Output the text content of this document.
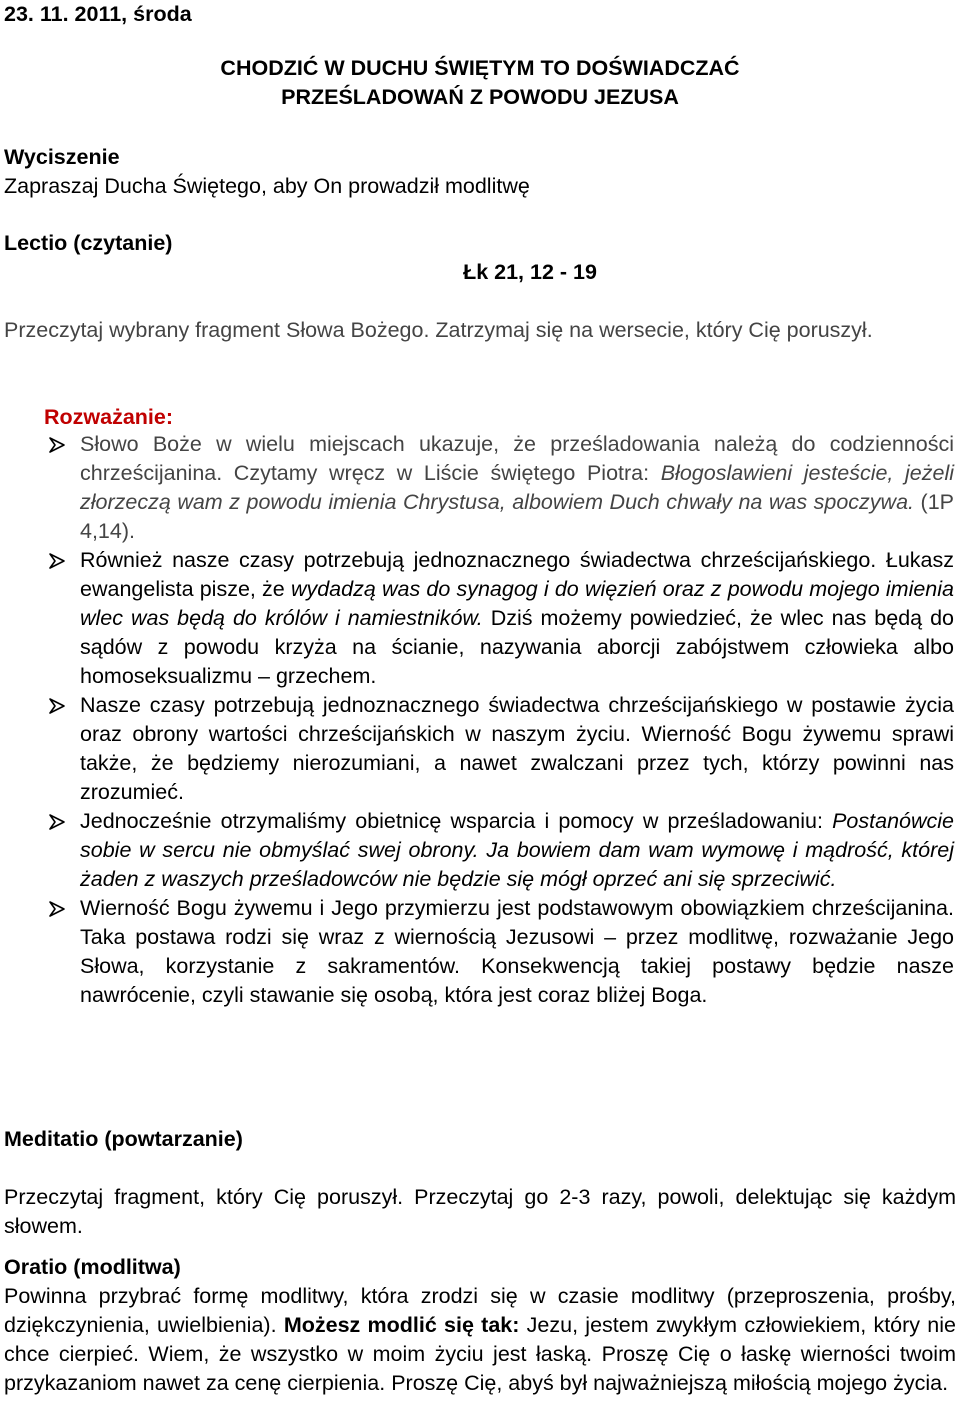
23. 11. 2011, środa
CHODZIĆ W DUCHU ŚWIĘTYM TO DOŚWIADCZAĆ
PRZEŚLADOWAŃ Z POWODU JEZUSA
Wyciszenie
Zapraszaj Ducha Świętego, aby On prowadził modlitwę
Lectio (czytanie)
Łk 21, 12 - 19
Przeczytaj wybrany fragment Słowa Bożego. Zatrzymaj się na wersecie, który Cię poruszył.
Rozważanie:
Słowo Boże w wielu miejscach ukazuje, że prześladowania należą do codzienności chrześcijanina. Czytamy wręcz w Liście świętego Piotra: Błogoslawieni jesteście, jeżeli złorzeczą wam z powodu imienia Chrystusa, albowiem Duch chwały na was spoczywa. (1P 4,14).
Również nasze czasy potrzebują jednoznacznego świadectwa chrześcijańskiego. Łukasz ewangelista pisze, że wydadzą was do synagog i do więzień oraz z powodu mojego imienia wlec was będą do królów i namiestników. Dziś możemy powiedzieć, że wlec nas będą do sądów z powodu krzyża na ścianie, nazywania aborcji zabójstwem człowieka albo homoseksualizmu – grzechem.
Nasze czasy potrzebują jednoznacznego świadectwa chrześcijańskiego w postawie życia oraz obrony wartości chrześcijańskich w naszym życiu. Wierność Bogu żywemu sprawi także, że będziemy nierozumiani, a nawet zwalczani przez tych, którzy powinni nas zrozumieć.
Jednocześnie otrzymaliśmy obietnicę wsparcia i pomocy w prześladowaniu: Postanówcie sobie w sercu nie obmyślać swej obrony. Ja bowiem dam wam wymowę i mądrość, której żaden z waszych prześladowców nie będzie się mógł oprzeć ani się sprzeciwić.
Wierność Bogu żywemu i Jego przymierzu jest podstawowym obowiązkiem chrześcijanina. Taka postawa rodzi się wraz z wiernością Jezusowi – przez modlitwę, rozważanie Jego Słowa, korzystanie z sakramentów. Konsekwencją takiej postawy będzie nasze nawrócenie, czyli stawanie się osobą, która jest coraz bliżej Boga.
Meditatio (powtarzanie)
Przeczytaj fragment, który Cię poruszył. Przeczytaj go 2-3 razy, powoli, delektując się każdym słowem.
Oratio (modlitwa)
Powinna przybrać formę modlitwy, która zrodzi się w czasie modlitwy (przeproszenia, prośby, dziękczynienia, uwielbienia). Możesz modlić się tak: Jezu, jestem zwykłym człowiekiem, który nie chce cierpieć. Wiem, że wszystko w moim życiu jest łaską. Proszę Cię o łaskę wierności twoim przykazaniom nawet za cenę cierpienia. Proszę Cię, abyś był najważniejszą miłością mojego życia.
